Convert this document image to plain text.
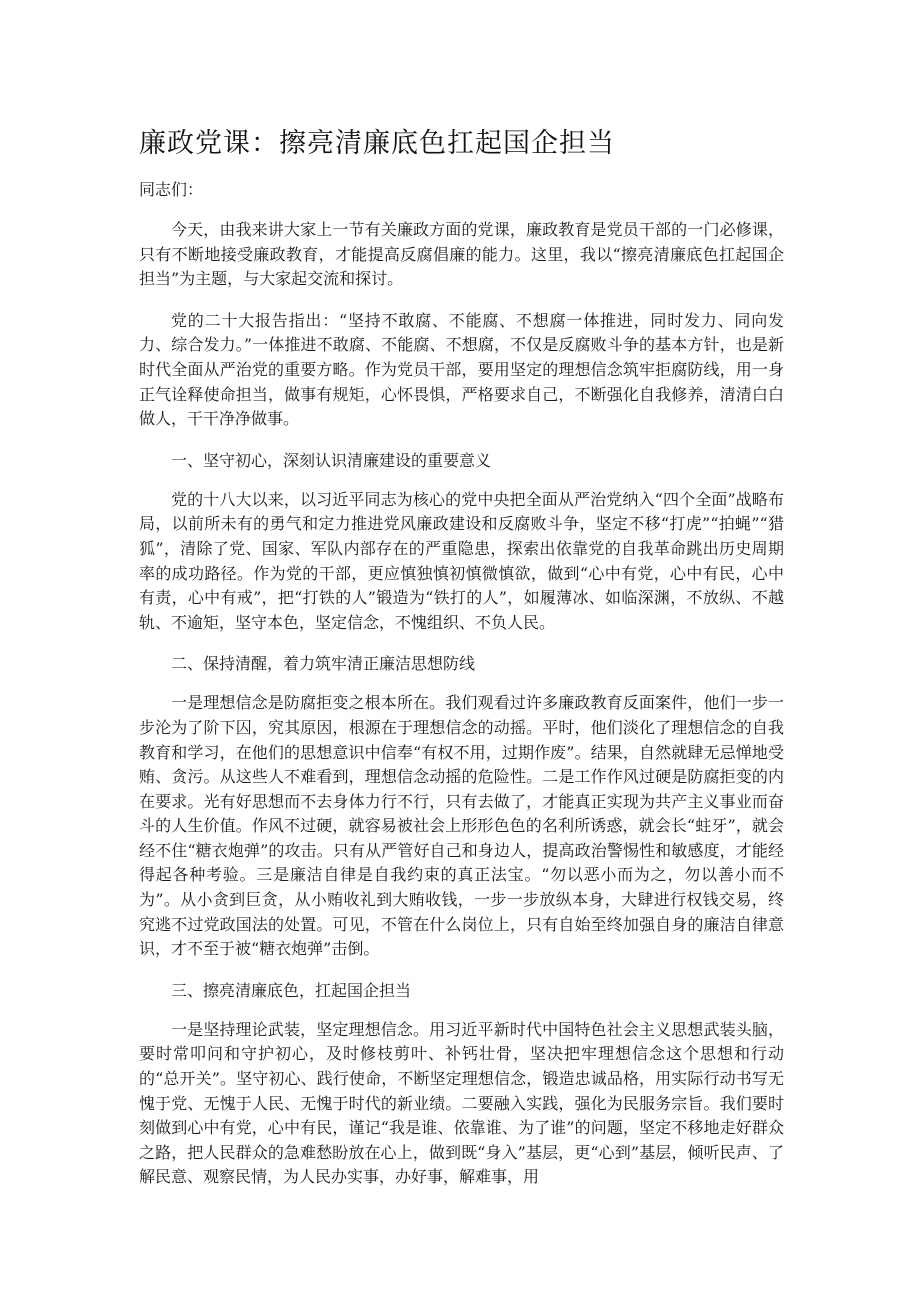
廉政党课：擦亮清廉底色扛起国企担当

同志们：

今天，由我来讲大家上一节有关廉政方面的党课，廉政教育是党员干部的一门必修课，只有不断地接受廉政教育，才能提高反腐倡廉的能力。这里，我以“擦亮清廉底色扛起国企担当”为主题，与大家起交流和探讨。

党的二十大报告指出：“坚持不敢腐、不能腐、不想腐一体推进，同时发力、同向发力、综合发力。”一体推进不敢腐、不能腐、不想腐，不仅是反腐败斗争的基本方针，也是新时代全面从严治党的重要方略。作为党员干部，要用坚定的理想信念筑牢拒腐防线，用一身正气诠释使命担当，做事有规矩，心怀畏惧，严格要求自己，不断强化自我修养，清清白白做人，干干净净做事。

一、坚守初心，深刻认识清廉建设的重要意义

党的十八大以来，以习近平同志为核心的党中央把全面从严治党纳入“四个全面”战略布局，以前所未有的勇气和定力推进党风廉政建设和反腐败斗争，坚定不移“打虎”“拍蝇”“猎狐”，清除了党、国家、军队内部存在的严重隐患，探索出依靠党的自我革命跳出历史周期率的成功路径。作为党的干部，更应慎独慎初慎微慎欲，做到“心中有党，心中有民，心中有责，心中有戒”，把“打铁的人”锻造为“铁打的人”，如履薄冰、如临深渊，不放纵、不越轨、不逾矩，坚守本色，坚定信念，不愧组织、不负人民。

二、保持清醒，着力筑牢清正廉洁思想防线

一是理想信念是防腐拒变之根本所在。我们观看过许多廉政教育反面案件，他们一步一步沦为了阶下囚，究其原因，根源在于理想信念的动摇。平时，他们淡化了理想信念的自我教育和学习，在他们的思想意识中信奉“有权不用，过期作废”。结果，自然就肆无忌惮地受贿、贪污。从这些人不难看到，理想信念动摇的危险性。二是工作作风过硬是防腐拒变的内在要求。光有好思想而不去身体力行不行，只有去做了，才能真正实现为共产主义事业而奋斗的人生价值。作风不过硬，就容易被社会上形形色色的名利所诱惑，就会长“蛀牙”，就会经不住“糖衣炮弹”的攻击。只有从严管好自己和身边人，提高政治警惕性和敏感度，才能经得起各种考验。三是廉洁自律是自我约束的真正法宝。“勿以恶小而为之，勿以善小而不为”。从小贪到巨贪，从小贿收礼到大贿收钱，一步一步放纵本身，大肆进行权钱交易，终究逃不过党政国法的处置。可见，不管在什么岗位上，只有自始至终加强自身的廉洁自律意识，才不至于被“糖衣炮弹”击倒。

三、擦亮清廉底色，扛起国企担当

一是坚持理论武装，坚定理想信念。用习近平新时代中国特色社会主义思想武装头脑，要时常叩问和守护初心，及时修枝剪叶、补钙壮骨，坚决把牢理想信念这个思想和行动的“总开关”。坚守初心、践行使命，不断坚定理想信念，锻造忠诚品格，用实际行动书写无愧于党、无愧于人民、无愧于时代的新业绩。二要融入实践，强化为民服务宗旨。我们要时刻做到心中有党，心中有民，谨记“我是谁、依靠谁、为了谁”的问题，坚定不移地走好群众之路，把人民群众的急难愁盼放在心上，做到既“身入”基层，更“心到”基层，倾听民声、了解民意、观察民情，为人民办实事，办好事，解难事，用
